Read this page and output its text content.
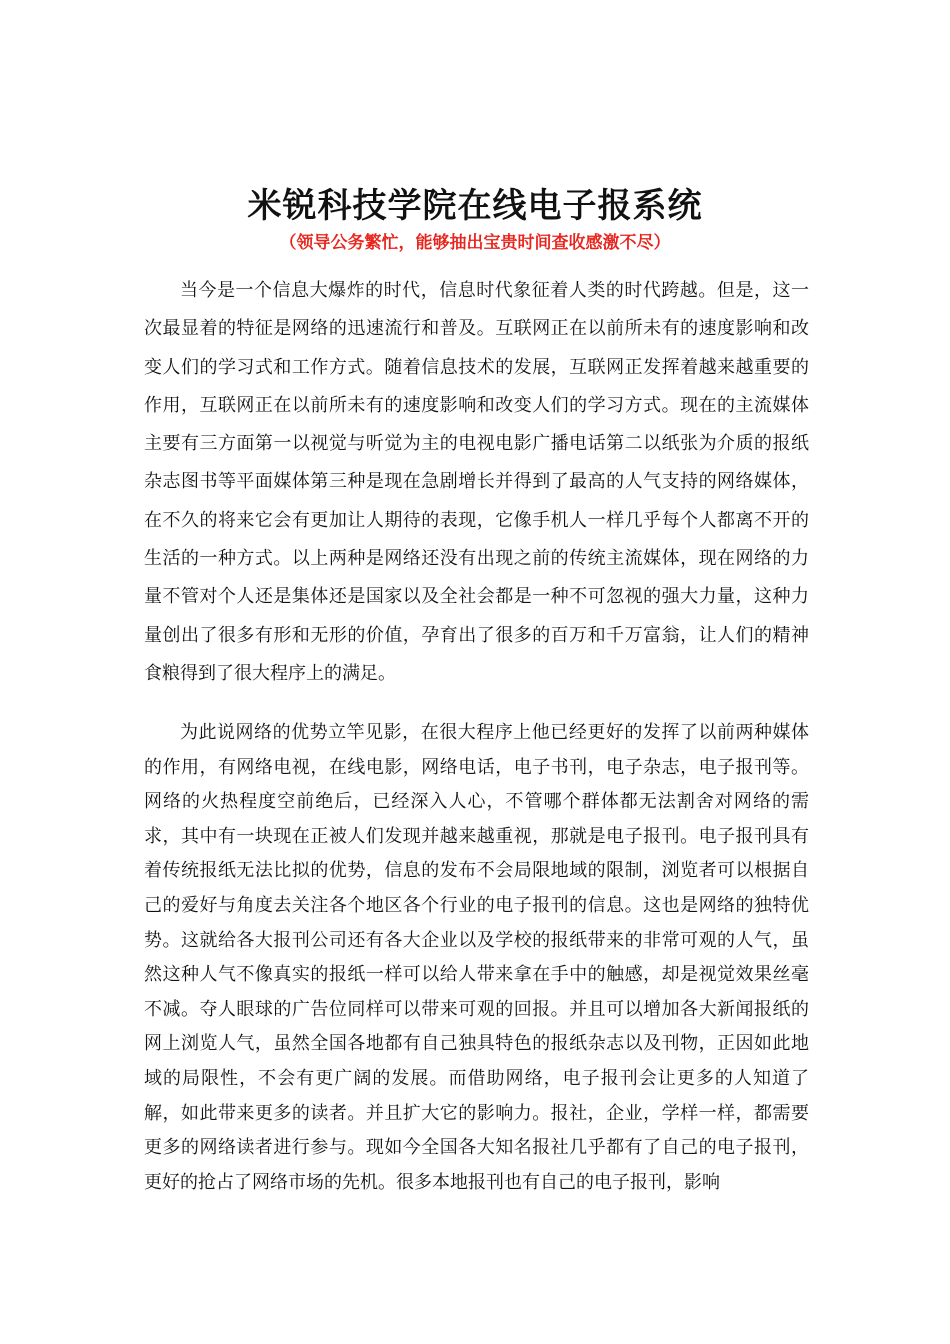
米锐科技学院在线电子报系统

（领导公务繁忙，能够抽出宝贵时间查收感激不尽）

当今是一个信息大爆炸的时代，信息时代象征着人类的时代跨越。但是，这一次最显着的特征是网络的迅速流行和普及。互联网正在以前所未有的速度影响和改变人们的学习式和工作方式。随着信息技术的发展，互联网正发挥着越来越重要的作用，互联网正在以前所未有的速度影响和改变人们的学习方式。现在的主流媒体主要有三方面第一以视觉与听觉为主的电视电影广播电话第二以纸张为介质的报纸杂志图书等平面媒体第三种是现在急剧增长并得到了最高的人气支持的网络媒体，在不久的将来它会有更加让人期待的表现，它像手机人一样几乎每个人都离不开的生活的一种方式。以上两种是网络还没有出现之前的传统主流媒体，现在网络的力量不管对个人还是集体还是国家以及全社会都是一种不可忽视的强大力量，这种力量创出了很多有形和无形的价值，孕育出了很多的百万和千万富翁，让人们的精神食粮得到了很大程序上的满足。

为此说网络的优势立竿见影，在很大程序上他已经更好的发挥了以前两种媒体的作用，有网络电视，在线电影，网络电话，电子书刊，电子杂志，电子报刊等。网络的火热程度空前绝后，已经深入人心，不管哪个群体都无法割舍对网络的需求，其中有一块现在正被人们发现并越来越重视，那就是电子报刊。电子报刊具有着传统报纸无法比拟的优势，信息的发布不会局限地域的限制，浏览者可以根据自己的爱好与角度去关注各个地区各个行业的电子报刊的信息。这也是网络的独特优势。这就给各大报刊公司还有各大企业以及学校的报纸带来的非常可观的人气，虽然这种人气不像真实的报纸一样可以给人带来拿在手中的触感，却是视觉效果丝毫不减。夺人眼球的广告位同样可以带来可观的回报。并且可以增加各大新闻报纸的网上浏览人气，虽然全国各地都有自己独具特色的报纸杂志以及刊物，正因如此地域的局限性，不会有更广阔的发展。而借助网络，电子报刊会让更多的人知道了解，如此带来更多的读者。并且扩大它的影响力。报社，企业，学样一样，都需要更多的网络读者进行参与。现如今全国各大知名报社几乎都有了自己的电子报刊，更好的抢占了网络市场的先机。很多本地报刊也有自己的电子报刊，影响
